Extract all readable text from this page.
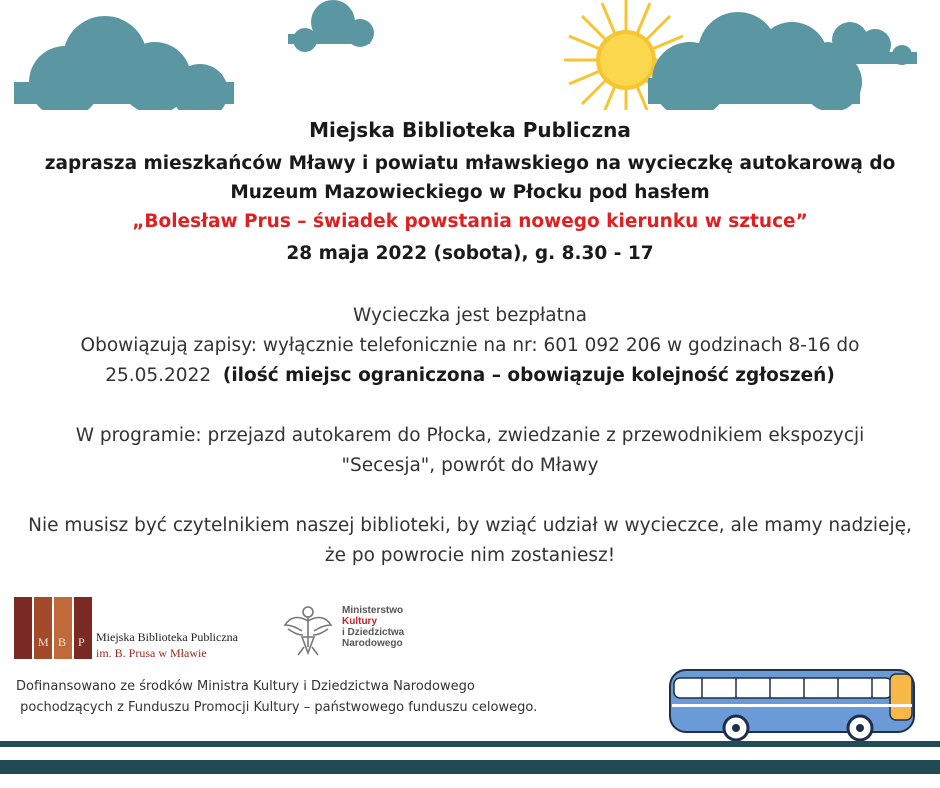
Miejska Biblioteka Publiczna
zaprasza mieszkańców Mławy i powiatu mławskiego na wycieczkę autokarową do
Muzeum Mazowieckiego w Płocku pod hasłem
„Bolesław Prus – świadek powstania nowego kierunku w sztuce”
28 maja 2022 (sobota), g. 8.30 - 17
Wycieczka jest bezpłatna
Obowiązują zapisy: wyłącznie telefonicznie na nr: 601 092 206 w godzinach 8-16 do
25.05.2022 (ilość miejsc ograniczona – obowiązuje kolejność zgłoszeń)
W programie: przejazd autokarem do Płocka, zwiedzanie z przewodnikiem ekspozycji
"Secesja", powrót do Mławy
Nie musisz być czytelnikiem naszej biblioteki, by wziąć udział w wycieczce, ale mamy nadzieję,
że po powrocie nim zostaniesz!
M B P Miejska Biblioteka Publiczna
im. B. Prusa w Mławie
Ministerstwo
Kultury
i Dziedzictwa
Narodowego
Dofinansowano ze środków Ministra Kultury i Dziedzictwa Narodowego
pochodzących z Funduszu Promocji Kultury – państwowego funduszu celowego.
